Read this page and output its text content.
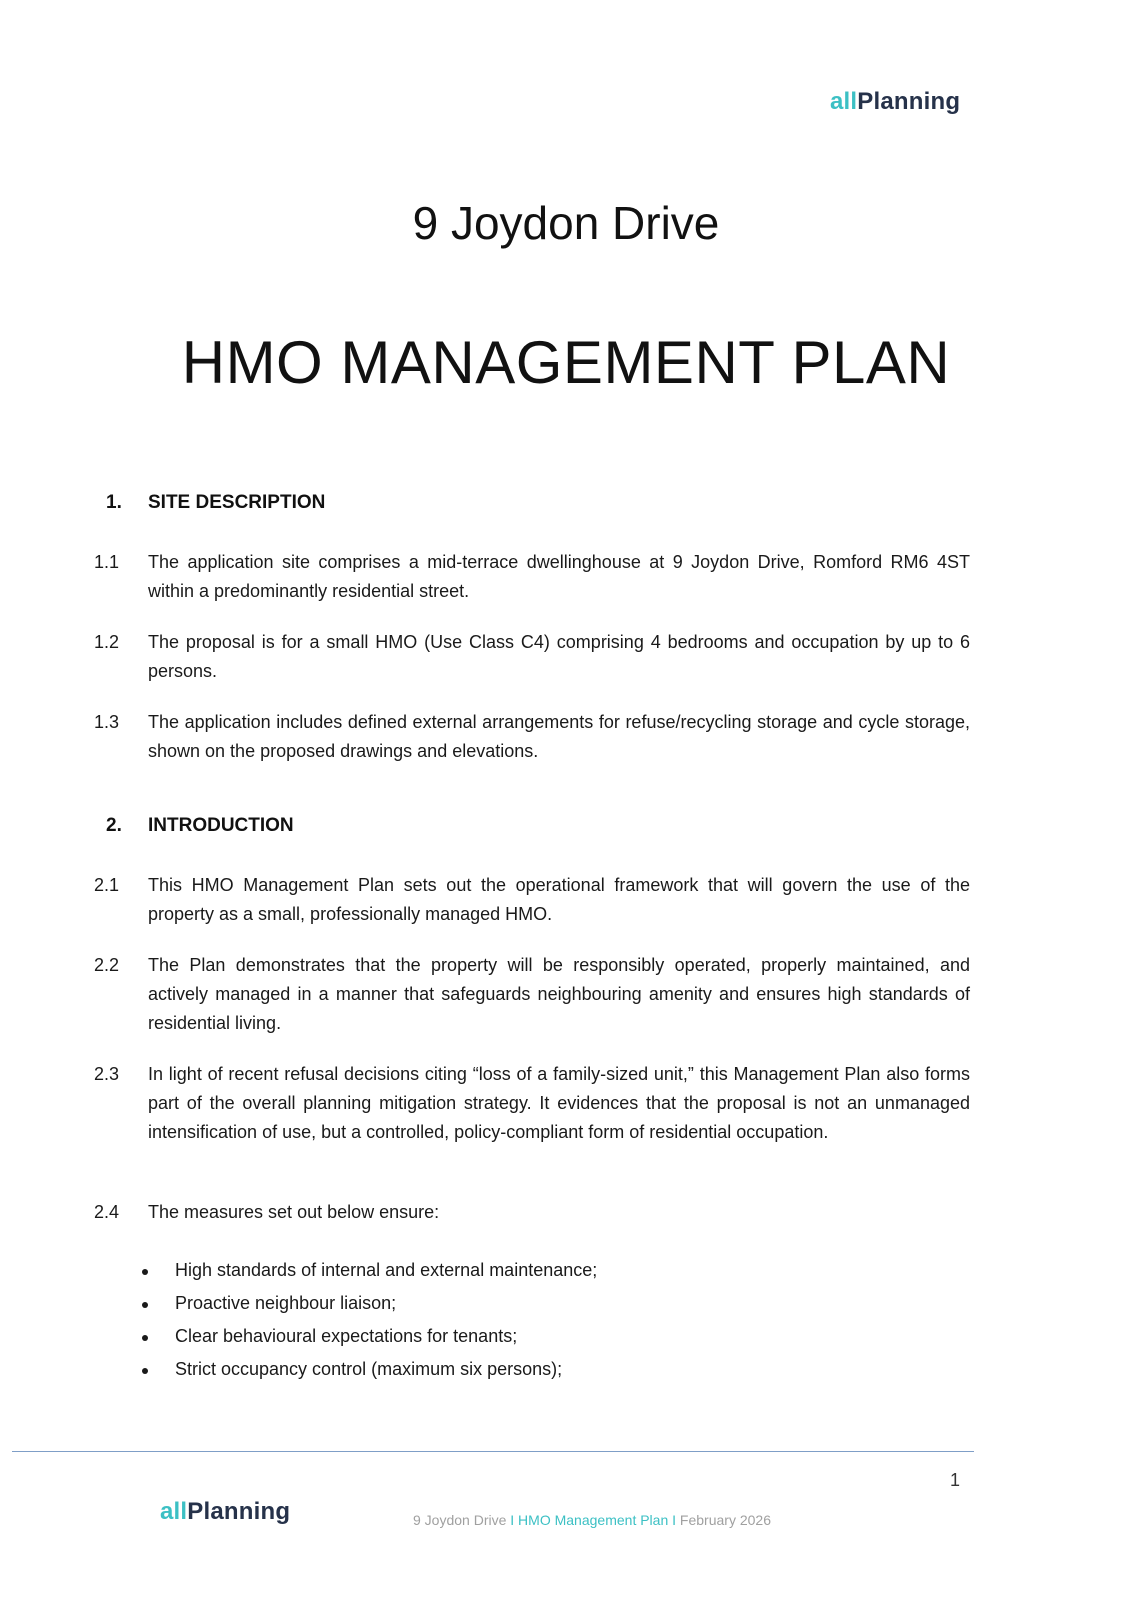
allPlanning
9 Joydon Drive
HMO MANAGEMENT PLAN
1. SITE DESCRIPTION
1.1 The application site comprises a mid-terrace dwellinghouse at 9 Joydon Drive, Romford RM6 4ST within a predominantly residential street.
1.2 The proposal is for a small HMO (Use Class C4) comprising 4 bedrooms and occupation by up to 6 persons.
1.3 The application includes defined external arrangements for refuse/recycling storage and cycle storage, shown on the proposed drawings and elevations.
2. INTRODUCTION
2.1 This HMO Management Plan sets out the operational framework that will govern the use of the property as a small, professionally managed HMO.
2.2 The Plan demonstrates that the property will be responsibly operated, properly maintained, and actively managed in a manner that safeguards neighbouring amenity and ensures high standards of residential living.
2.3 In light of recent refusal decisions citing “loss of a family-sized unit,” this Management Plan also forms part of the overall planning mitigation strategy. It evidences that the proposal is not an unmanaged intensification of use, but a controlled, policy-compliant form of residential occupation.
2.4 The measures set out below ensure:
High standards of internal and external maintenance;
Proactive neighbour liaison;
Clear behavioural expectations for tenants;
Strict occupancy control (maximum six persons);
1
allPlanning	9 Joydon Drive I HMO Management Plan I February 2026
